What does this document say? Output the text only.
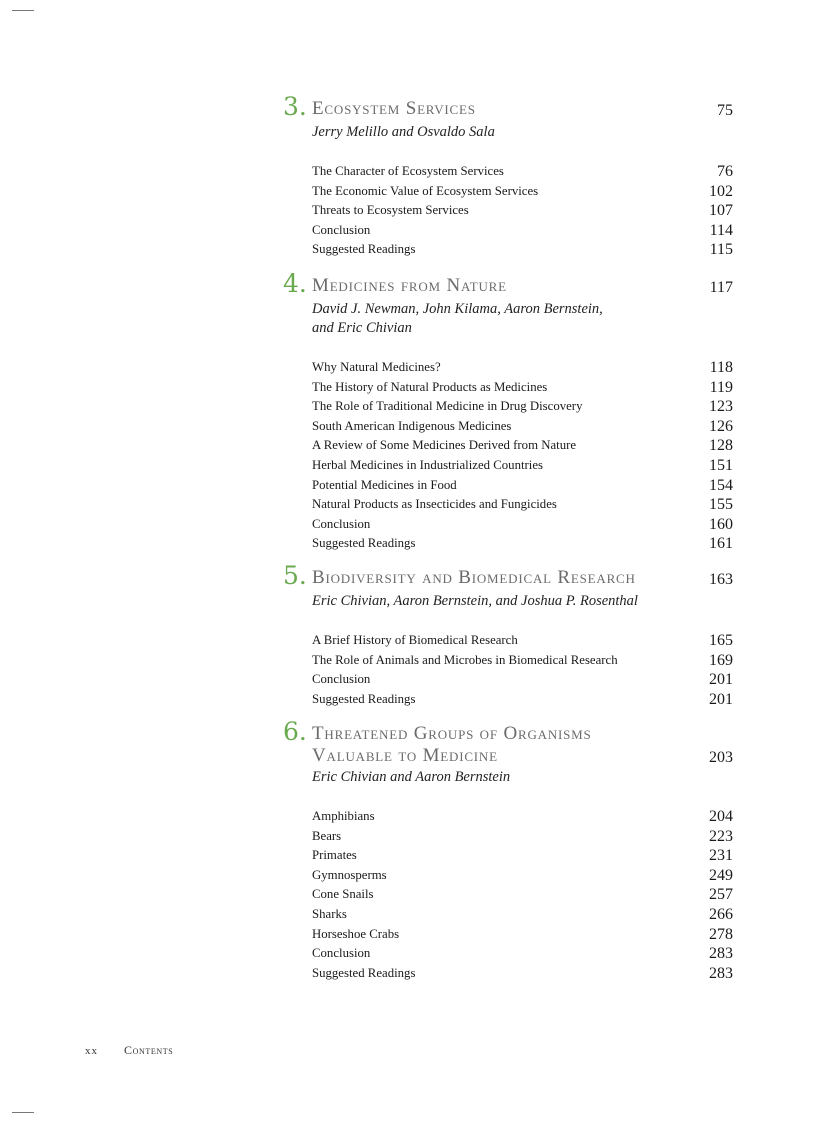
3. Ecosystem Services	75
Jerry Melillo and Osvaldo Sala
The Character of Ecosystem Services	76
The Economic Value of Ecosystem Services	102
Threats to Ecosystem Services	107
Conclusion	114
Suggested Readings	115
4. Medicines from Nature	117
David J. Newman, John Kilama, Aaron Bernstein,
and Eric Chivian
Why Natural Medicines?	118
The History of Natural Products as Medicines	119
The Role of Traditional Medicine in Drug Discovery	123
South American Indigenous Medicines	126
A Review of Some Medicines Derived from Nature	128
Herbal Medicines in Industrialized Countries	151
Potential Medicines in Food	154
Natural Products as Insecticides and Fungicides	155
Conclusion	160
Suggested Readings	161
5. Biodiversity and Biomedical Research	163
Eric Chivian, Aaron Bernstein, and Joshua P. Rosenthal
A Brief History of Biomedical Research	165
The Role of Animals and Microbes in Biomedical Research	169
Conclusion	201
Suggested Readings	201
6. Threatened Groups of Organisms
Valuable to Medicine	203
Eric Chivian and Aaron Bernstein
Amphibians	204
Bears	223
Primates	231
Gymnosperms	249
Cone Snails	257
Sharks	266
Horseshoe Crabs	278
Conclusion	283
Suggested Readings	283
xx Contents
